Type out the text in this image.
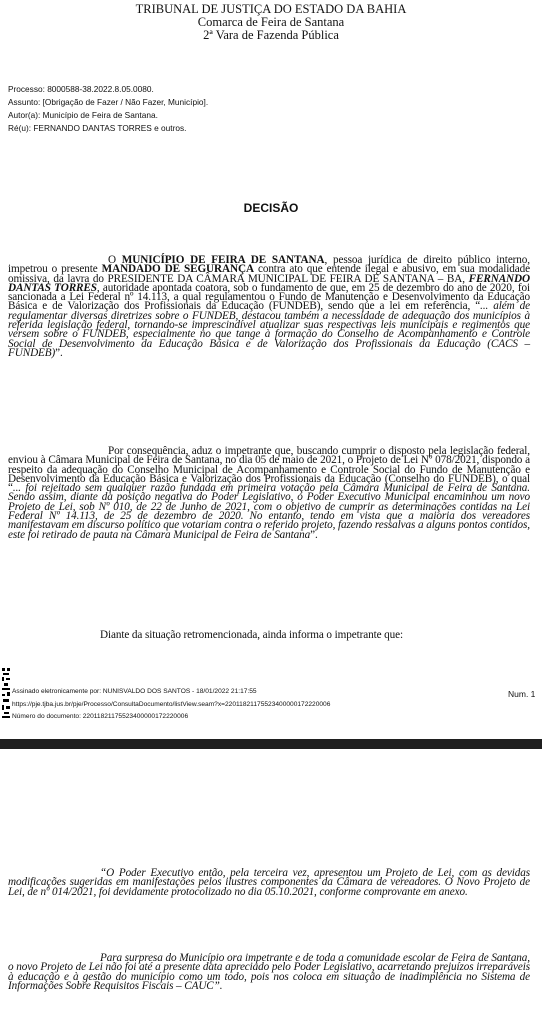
TRIBUNAL DE JUSTIÇA DO ESTADO DA BAHIA
Comarca de Feira de Santana
2ª Vara de Fazenda Pública
Processo: 8000588-38.2022.8.05.0080.
Assunto: [Obrigação de Fazer / Não Fazer, Município].
Autor(a): Município de Feira de Santana.
Ré(u): FERNANDO DANTAS TORRES e outros.
DECISÃO

O MUNICÍPIO DE FEIRA DE SANTANA, pessoa jurídica de direito público interno, impetrou o presente MANDADO DE SEGURANÇA contra ato que entende ilegal e abusivo, em sua modalidade omissiva, da lavra do PRESIDENTE DA CÂMARA MUNICIPAL DE FEIRA DE SANTANA – BA, FERNANDO DANTAS TORRES, autoridade apontada coatora, sob o fundamento de que, em 25 de dezembro do ano de 2020, foi sancionada a Lei Federal nº 14.113, a qual regulamentou o Fundo de Manutenção e Desenvolvimento da Educação Básica e de Valorização dos Profissionais da Educação (FUNDEB), sendo que a lei em referência, “... além de regulamentar diversas diretrizes sobre o FUNDEB, destacou também a necessidade de adequação dos municípios à referida legislação federal, tornando-se imprescindível atualizar suas respectivas leis municipais e regimentos que versem sobre o FUNDEB, especialmente no que tange à formação do Conselho de Acompanhamento e Controle Social de Desenvolvimento da Educação Básica e de Valorização dos Profissionais da Educação (CACS – FUNDEB)”.

Por consequência, aduz o impetrante que, buscando cumprir o disposto pela legislação federal, enviou à Câmara Municipal de Feira de Santana, no dia 05 de maio de 2021, o Projeto de Lei Nº 078/2021, dispondo a respeito da adequação do Conselho Municipal de Acompanhamento e Controle Social do Fundo de Manutenção e Desenvolvimento da Educação Básica e Valorização dos Profissionais da Educação (Conselho do FUNDEB), o qual “... foi rejeitado sem qualquer razão fundada em primeira votação pela Câmara Municipal de Feira de Santana. Sendo assim, diante da posição negativa do Poder Legislativo, o Poder Executivo Municipal encaminhou um novo Projeto de Lei, sob Nº 010, de 22 de Junho de 2021, com o objetivo de cumprir as determinações contidas na Lei Federal Nº 14.113, de 25 de dezembro de 2020. No entanto, tendo em vista que a maioria dos vereadores manifestavam em discurso político que votariam contra o referido projeto, fazendo ressalvas a alguns pontos contidos, este foi retirado de pauta na Câmara Municipal de Feira de Santana”.

Diante da situação retromencionada, ainda informa o impetrante que:

Assinado eletronicamente por: NUNISVALDO DOS SANTOS - 18/01/2022 21:17:55
https://pje.tjba.jus.br/pje/Processo/ConsultaDocumento/listView.seam?x=22011821175523400000172220006
Número do documento: 22011821175523400000172220006
Num. 1

“O Poder Executivo então, pela terceira vez, apresentou um Projeto de Lei, com as devidas modificações sugeridas em manifestações pelos ilustres componentes da Câmara de vereadores. O Novo Projeto de Lei, de nº 014/2021, foi devidamente protocolizado no dia 05.10.2021, conforme comprovante em anexo.

Para surpresa do Município ora impetrante e de toda a comunidade escolar de Feira de Santana, o novo Projeto de Lei não foi até a presente data apreciado pelo Poder Legislativo, acarretando prejuízos irreparáveis à educação e à gestão do município como um todo, pois nos coloca em situação de inadimplência no Sistema de Informações Sobre Requisitos Fiscais – CAUC”.
